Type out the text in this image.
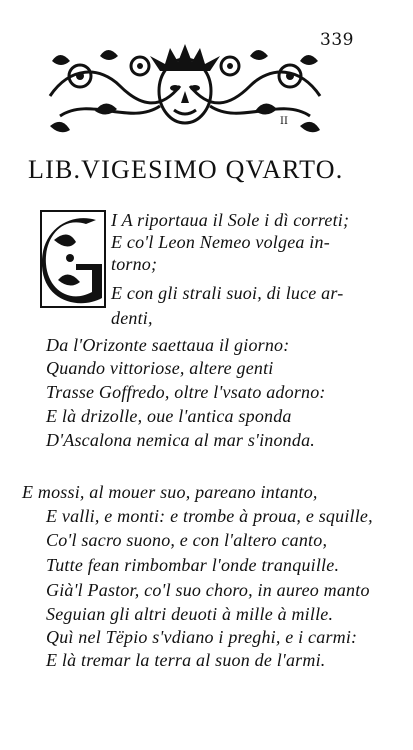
339
II
LIB.VIGESIMO QVARTO.
I A riportaua il Sole i dì correti;
E co'l Leon Nemeo volgea in-
torno;
E con gli strali suoi, di luce ar-
denti,
Da l'Orizonte saettaua il giorno:
Quando vittoriose, altere genti
Trasse Goffredo, oltre l'vsato adorno:
E là drizolle, oue l'antica sponda
D'Ascalona nemica al mar s'inonda.
E mossi, al mouer suo, pareano intanto,
E valli, e monti: e trombe à proua, e squille,
Co'l sacro suono, e con l'altero canto,
Tutte fean rimbombar l'onde tranquille.
Già'l Pastor, co'l suo choro, in aureo manto
Seguian gli altri deuoti à mille à mille.
Quì nel Tëpio s'vdiano i preghi, e i carmi:
E là tremar la terra al suon de l'armi.
